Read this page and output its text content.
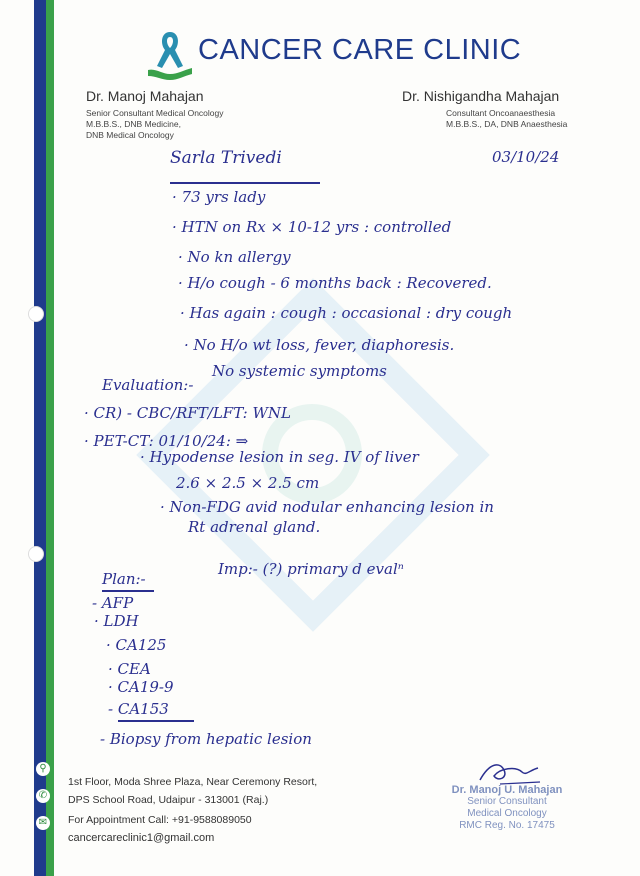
⚲
✆
✉
CANCER CARE CLINIC
Dr. Manoj Mahajan
Senior Consultant Medical Oncology
M.B.B.S., DNB Medicine,
DNB Medical Oncology
Dr. Nishigandha Mahajan
Consultant Oncoanaesthesia
M.B.B.S., DA, DNB Anaesthesia
Sarla Trivedi	03/10/24
· 73 yrs lady
· HTN on Rx × 10-12 yrs : controlled
· No kn allergy
· H/o cough - 6 months back : Recovered.
· Has again : cough : occasional : dry cough
· No H/o wt loss, fever, diaphoresis.
No systemic symptoms
Evaluation:-
· CR) - CBC/RFT/LFT: WNL
· PET-CT: 01/10/24: ⇒
· Hypodense lesion in seg. IV of liver
2.6 × 2.5 × 2.5 cm
· Non-FDG avid nodular enhancing lesion in
Rt adrenal gland.
Imp:- (?) primary d evalⁿ
Plan:-
- AFP
· LDH
· CA125
· CEA
· CA19-9
- CA153
- Biopsy from hepatic lesion
1st Floor, Moda Shree Plaza, Near Ceremony Resort,
DPS School Road, Udaipur - 313001 (Raj.)
For Appointment Call: +91-9588089050
cancercareclinic1@gmail.com
Dr. Manoj U. Mahajan
Senior Consultant
Medical Oncology
RMC Reg. No. 17475
